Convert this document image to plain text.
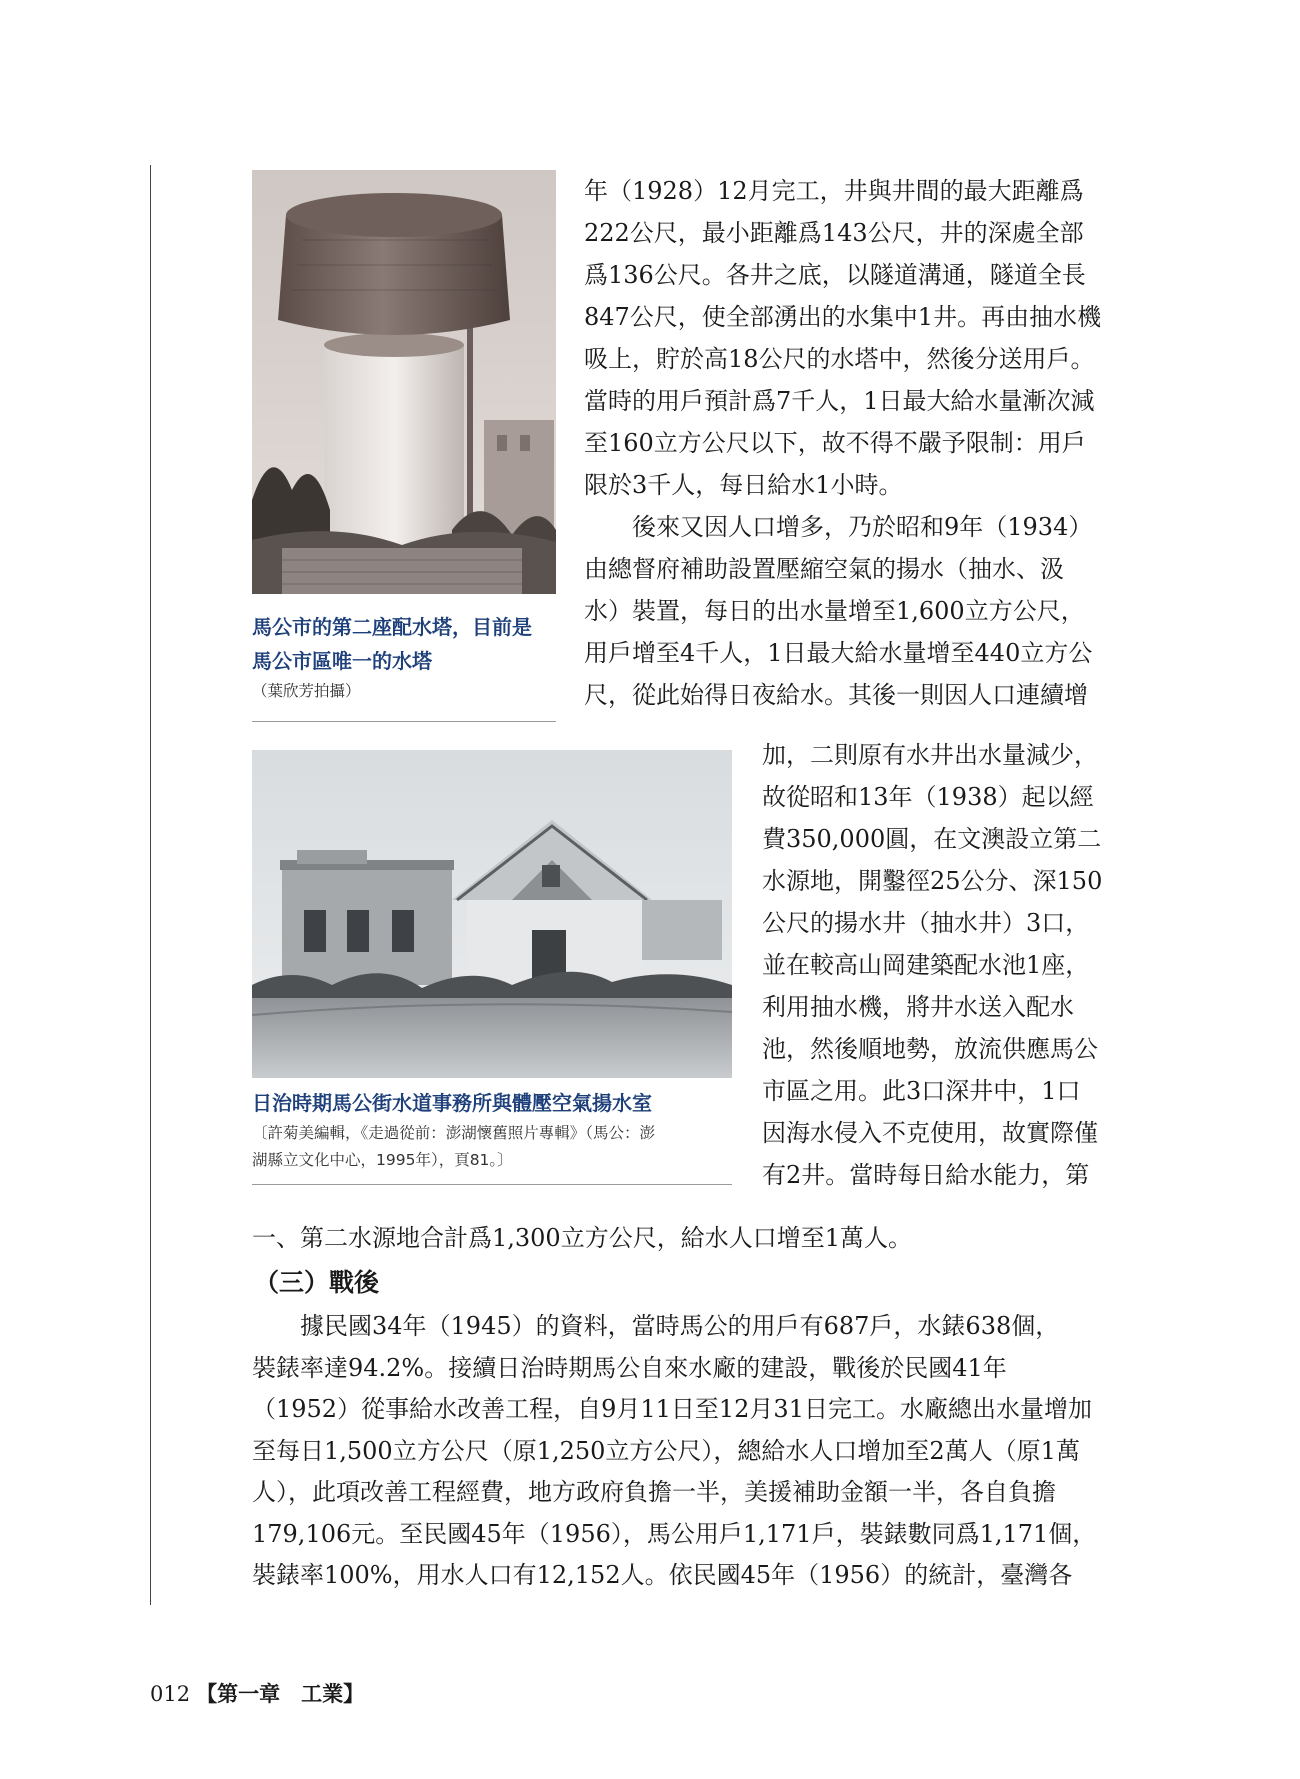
馬公市的第二座配水塔，目前是
馬公市區唯一的水塔
（葉欣芳拍攝）
日治時期馬公街水道事務所與體壓空氣揚水室
〔許菊美編輯，《走過從前：澎湖懷舊照片專輯》（馬公：澎
湖縣立文化中心，1995年），頁81。〕
年（1928）12月完工，井與井間的最大距離爲
222公尺，最小距離爲143公尺，井的深處全部
爲136公尺。各井之底，以隧道溝通，隧道全長
847公尺，使全部湧出的水集中1井。再由抽水機
吸上，貯於高18公尺的水塔中，然後分送用戶。
當時的用戶預計爲7千人，1日最大給水量漸次減
至160立方公尺以下，故不得不嚴予限制：用戶
限於3千人，每日給水1小時。
　　後來又因人口增多，乃於昭和9年（1934）
由總督府補助設置壓縮空氣的揚水（抽水、汲
水）裝置，每日的出水量增至1,600立方公尺，
用戶增至4千人，1日最大給水量增至440立方公
尺，從此始得日夜給水。其後一則因人口連續增
加，二則原有水井出水量減少，
故從昭和13年（1938）起以經
費350,000圓，在文澳設立第二
水源地，開鑿徑25公分、深150
公尺的揚水井（抽水井）3口，
並在較高山岡建築配水池1座，
利用抽水機，將井水送入配水
池，然後順地勢，放流供應馬公
市區之用。此3口深井中，1口
因海水侵入不克使用，故實際僅
有2井。當時每日給水能力，第
一、第二水源地合計爲1,300立方公尺，給水人口增至1萬人。
（三）戰後
　　據民國34年（1945）的資料，當時馬公的用戶有687戶，水錶638個，
裝錶率達94.2%。接續日治時期馬公自來水廠的建設，戰後於民國41年
（1952）從事給水改善工程，自9月11日至12月31日完工。水廠總出水量增加
至每日1,500立方公尺（原1,250立方公尺），總給水人口增加至2萬人（原1萬
人），此項改善工程經費，地方政府負擔一半，美援補助金額一半，各自負擔
179,106元。至民國45年（1956），馬公用戶1,171戶，裝錶數同爲1,171個，
裝錶率100%，用水人口有12,152人。依民國45年（1956）的統計，臺灣各
012 【第一章　工業】
